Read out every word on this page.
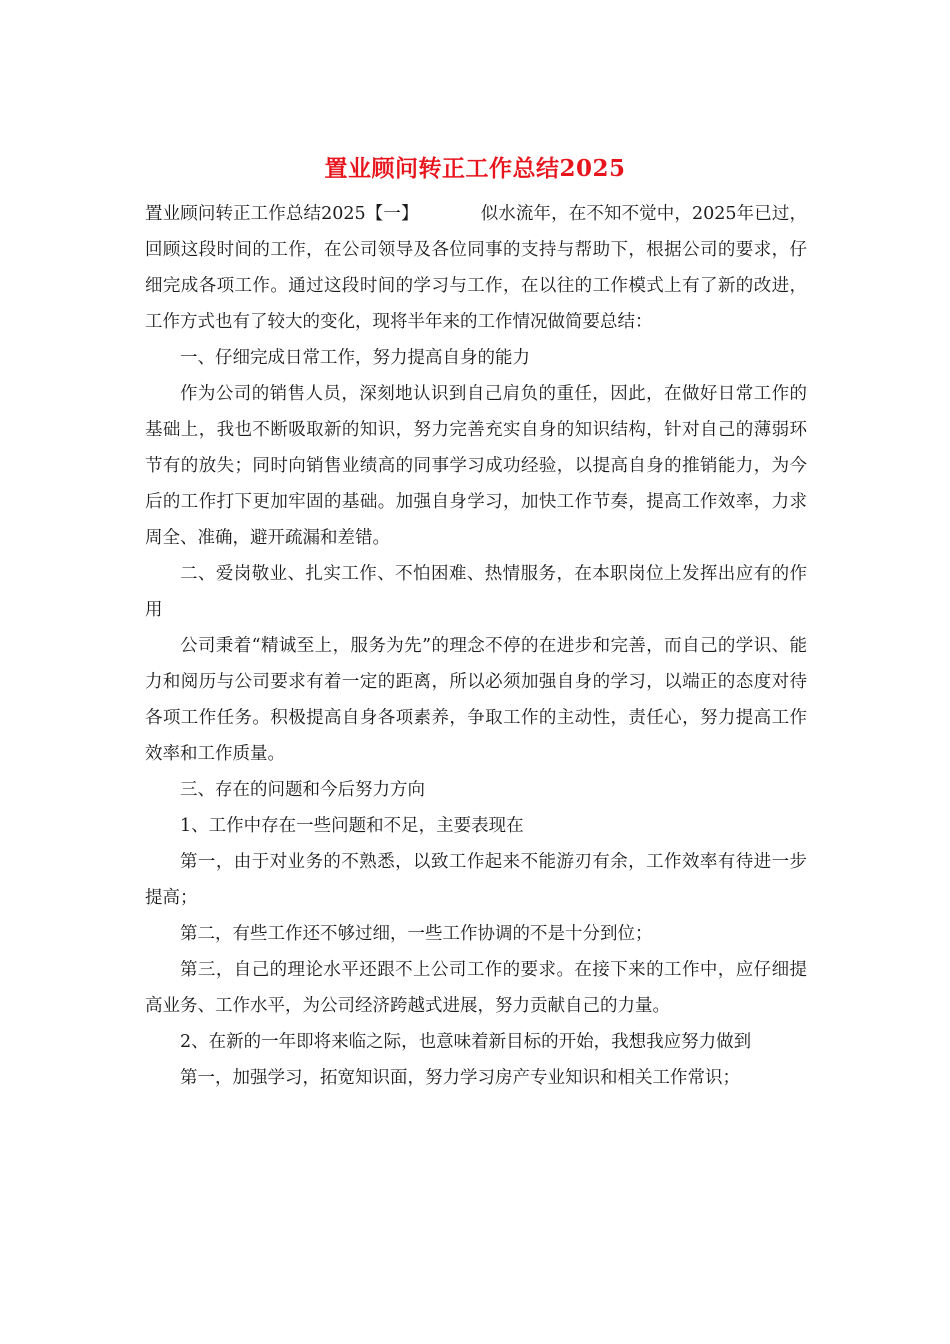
置业顾问转正工作总结2025

置业顾问转正工作总结2025【一】	似水流年，在不知不觉中，2025年已过，回顾这段时间的工作，在公司领导及各位同事的支持与帮助下，根据公司的要求，仔细完成各项工作。通过这段时间的学习与工作，在以往的工作模式上有了新的改进，工作方式也有了较大的变化，现将半年来的工作情况做简要总结：

一、仔细完成日常工作，努力提高自身的能力

作为公司的销售人员，深刻地认识到自己肩负的重任，因此，在做好日常工作的基础上，我也不断吸取新的知识，努力完善充实自身的知识结构，针对自己的薄弱环节有的放失；同时向销售业绩高的同事学习成功经验，以提高自身的推销能力，为今后的工作打下更加牢固的基础。加强自身学习，加快工作节奏，提高工作效率，力求周全、准确，避开疏漏和差错。

二、爱岗敬业、扎实工作、不怕困难、热情服务，在本职岗位上发挥出应有的作用

公司秉着“精诚至上，服务为先”的理念不停的在进步和完善，而自己的学识、能力和阅历与公司要求有着一定的距离，所以必须加强自身的学习，以端正的态度对待各项工作任务。积极提高自身各项素养，争取工作的主动性，责任心，努力提高工作效率和工作质量。

三、存在的问题和今后努力方向

1、工作中存在一些问题和不足，主要表现在

第一，由于对业务的不熟悉，以致工作起来不能游刃有余，工作效率有待进一步提高；

第二，有些工作还不够过细，一些工作协调的不是十分到位；

第三，自己的理论水平还跟不上公司工作的要求。在接下来的工作中，应仔细提高业务、工作水平，为公司经济跨越式进展，努力贡献自己的力量。

2、在新的一年即将来临之际，也意味着新目标的开始，我想我应努力做到

第一，加强学习，拓宽知识面，努力学习房产专业知识和相关工作常识；
